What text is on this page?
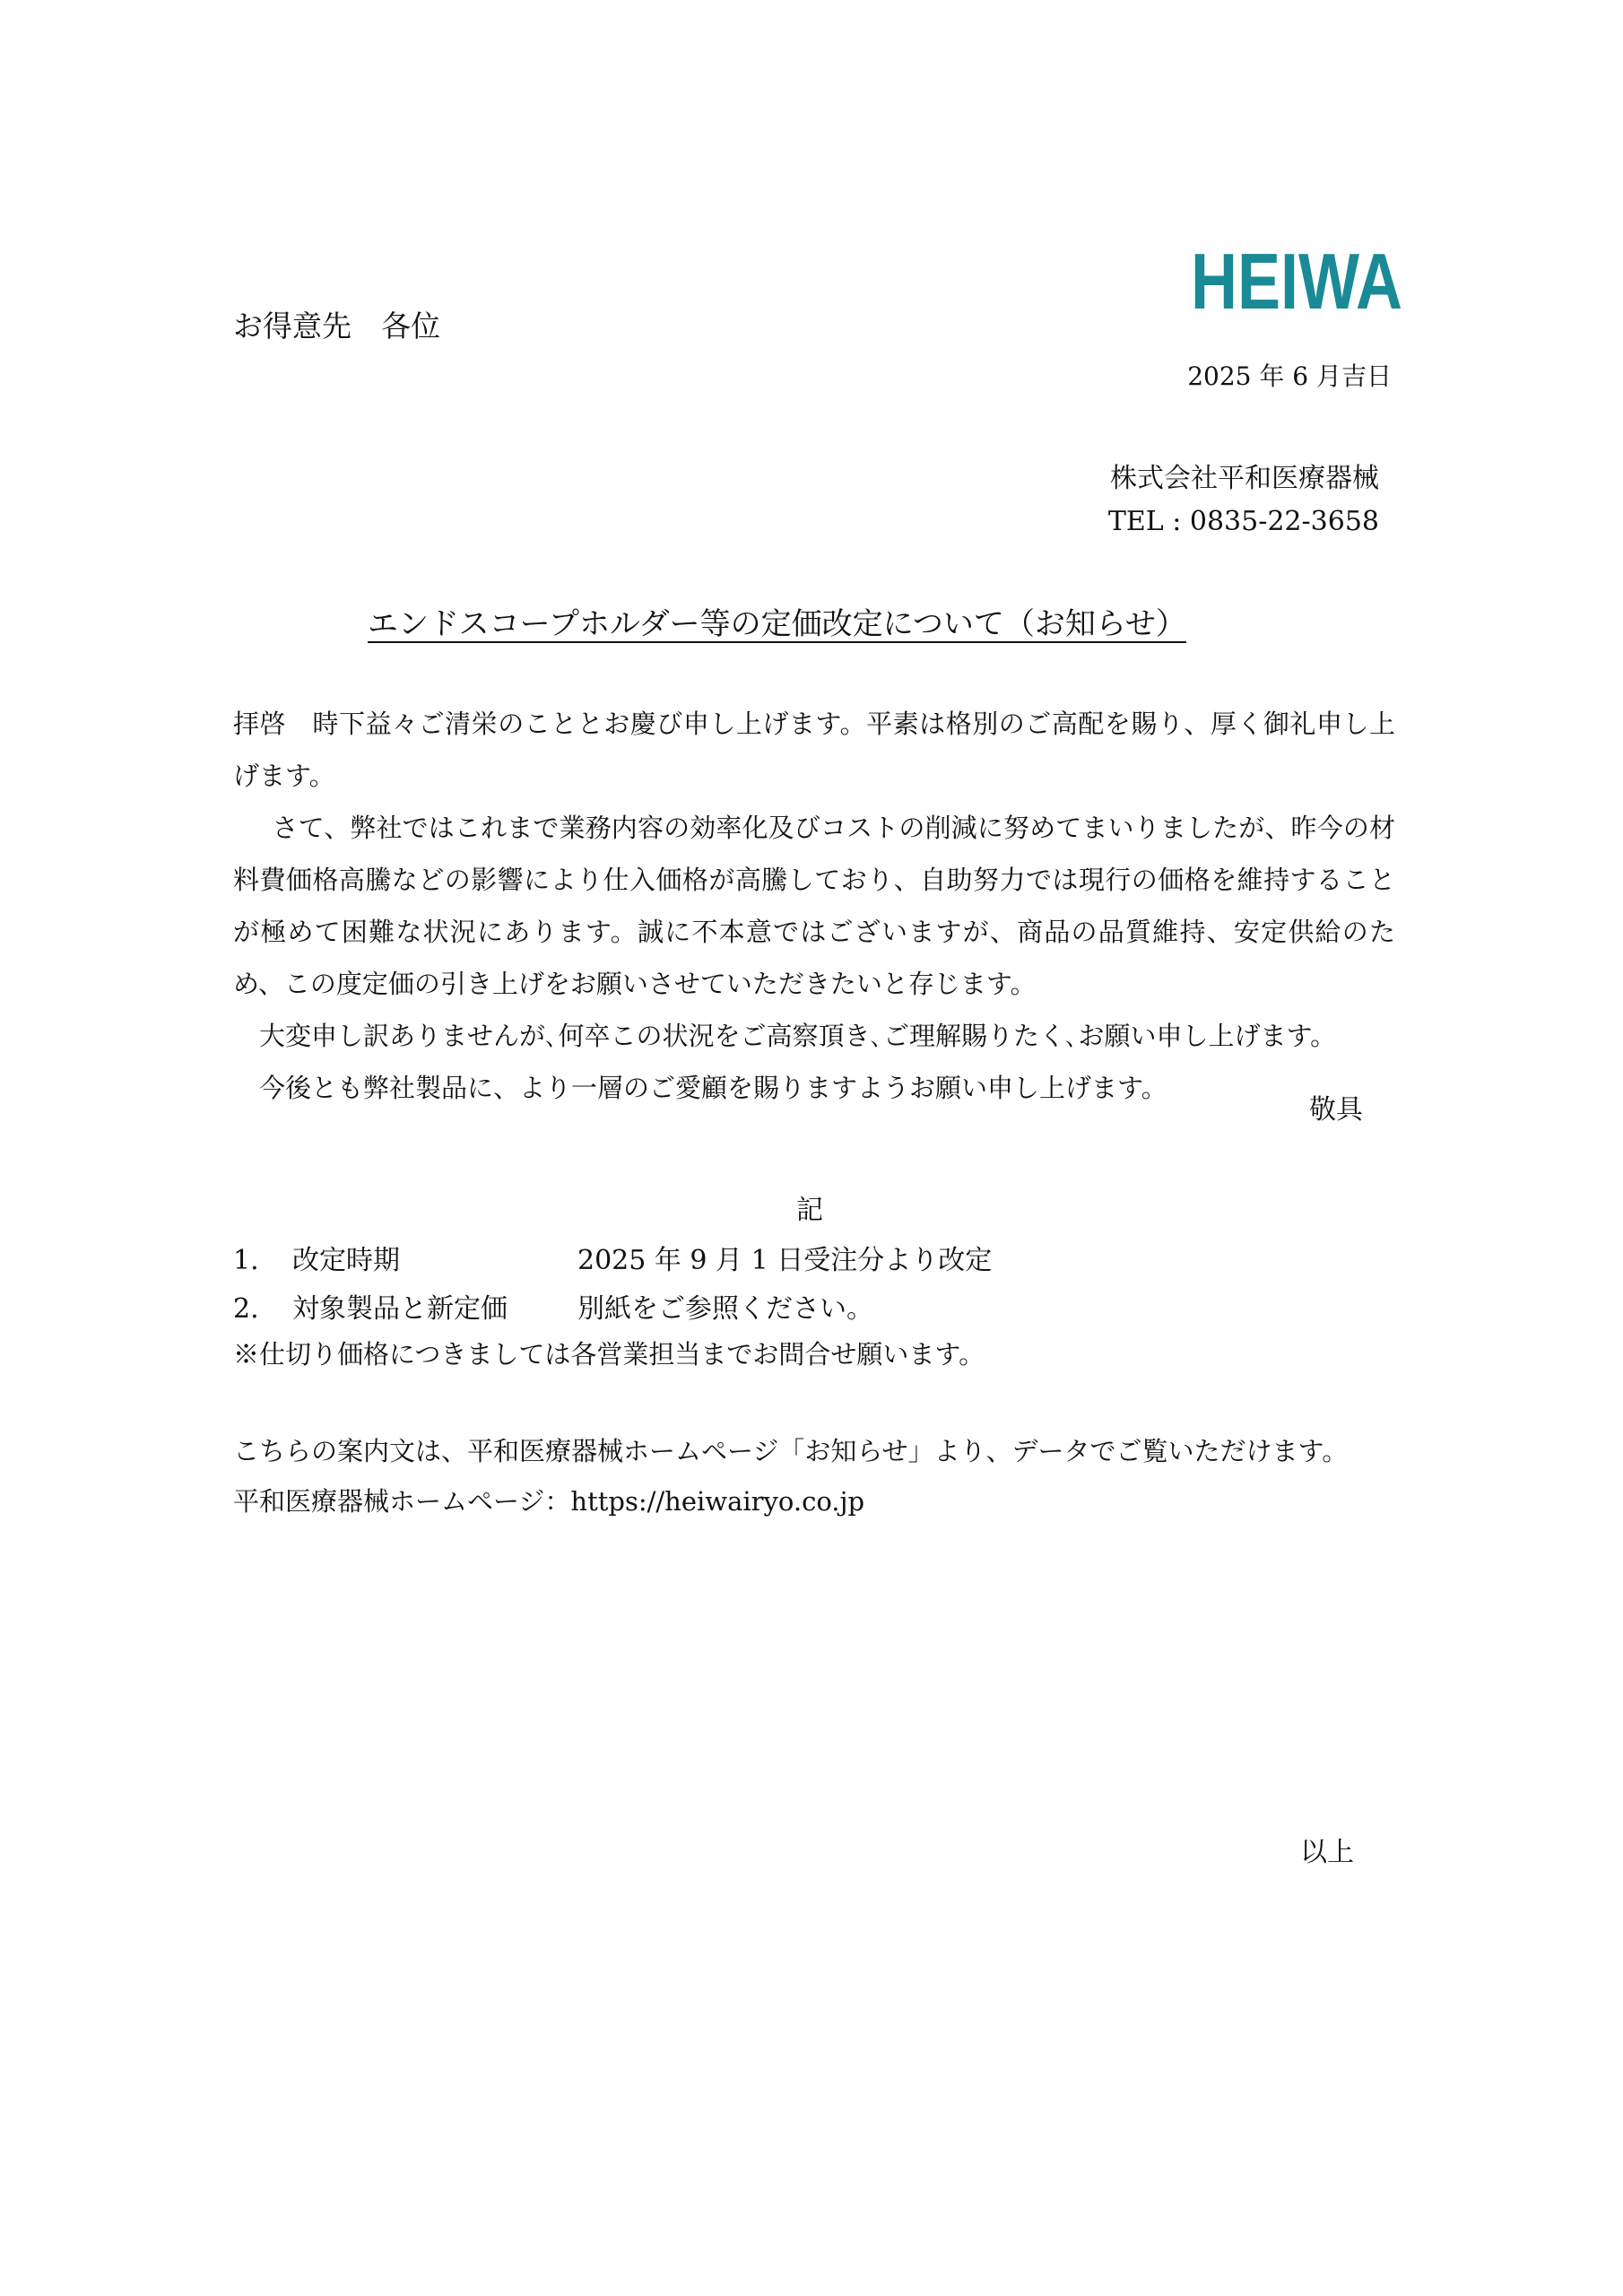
HEIWA
お得意先　各位
2025 年 6 月吉日
株式会社平和医療器械
TEL : 0835-22-3658
エンドスコープホルダー等の定価改定について（お知らせ）

拝啓　時下益々ご清栄のこととお慶び申し上げます。平素は格別のご高配を賜り、厚く御礼申し上げます。

さて、弊社ではこれまで業務内容の効率化及びコストの削減に努めてまいりましたが、昨今の材料費価格高騰などの影響により仕入価格が高騰しており、自助努力では現行の価格を維持することが極めて困難な状況にあります。誠に不本意ではございますが、商品の品質維持、安定供給のため、この度定価の引き上げをお願いさせていただきたいと存じます。

大変申し訳ありませんが､何卒この状況をご高察頂き､ご理解賜りたく､お願い申し上げます。

今後とも弊社製品に、より一層のご愛顧を賜りますようお願い申し上げます。

敬具
記
1. 改定時期	2025 年 9 月 1 日受注分より改定
2. 対象製品と新定価	別紙をご参照ください。
※仕切り価格につきましては各営業担当までお問合せ願います。
こちらの案内文は、平和医療器械ホームページ「お知らせ」より、データでご覧いただけます。
平和医療器械ホームページ：https://heiwairyo.co.jp
以上
